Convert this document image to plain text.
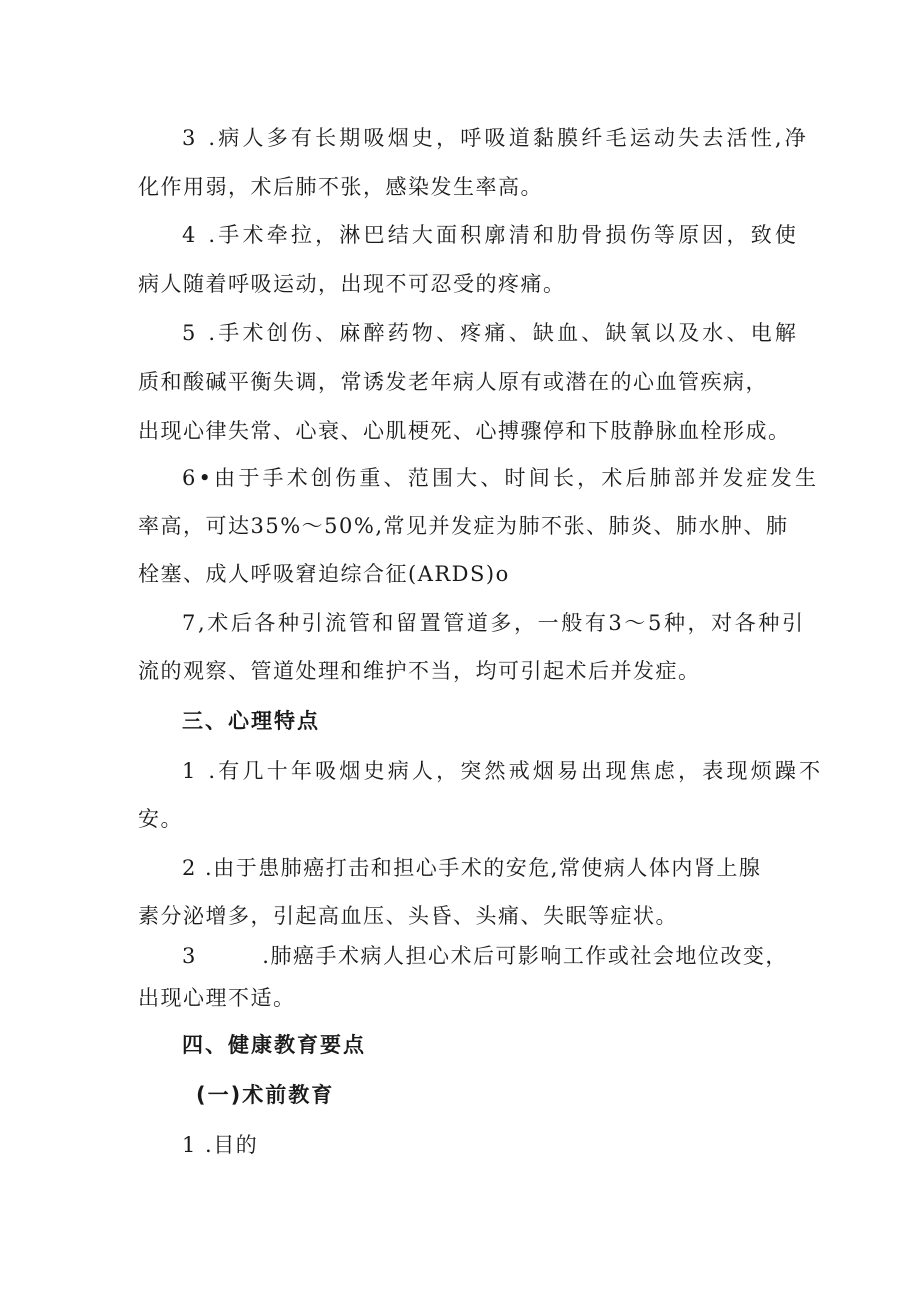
3 .病人多有长期吸烟史，呼吸道黏膜纤毛运动失去活性,净
化作用弱，术后肺不张，感染发生率高。
4 .手术牵拉，淋巴结大面积廓清和肋骨损伤等原因，致使
病人随着呼吸运动，出现不可忍受的疼痛。
5 .手术创伤、麻醉药物、疼痛、缺血、缺氧以及水、电解
质和酸碱平衡失调，常诱发老年病人原有或潜在的心血管疾病，
出现心律失常、心衰、心肌梗死、心搏骤停和下肢静脉血栓形成。
6•由于手术创伤重、范围大、时间长，术后肺部并发症发生
率高，可达35%～50%,常见并发症为肺不张、肺炎、肺水肿、肺
栓塞、成人呼吸窘迫综合征(ARDS)o
7,术后各种引流管和留置管道多，一般有3～5种，对各种引
流的观察、管道处理和维护不当，均可引起术后并发症。
三、心理特点
1 .有几十年吸烟史病人，突然戒烟易出现焦虑，表现烦躁不
安。
2 .由于患肺癌打击和担心手术的安危,常使病人体内肾上腺
素分泌增多，引起高血压、头昏、头痛、失眠等症状。
3        .肺癌手术病人担心术后可影响工作或社会地位改变，
出现心理不适。
四、健康教育要点
(一)术前教育
1 .目的
